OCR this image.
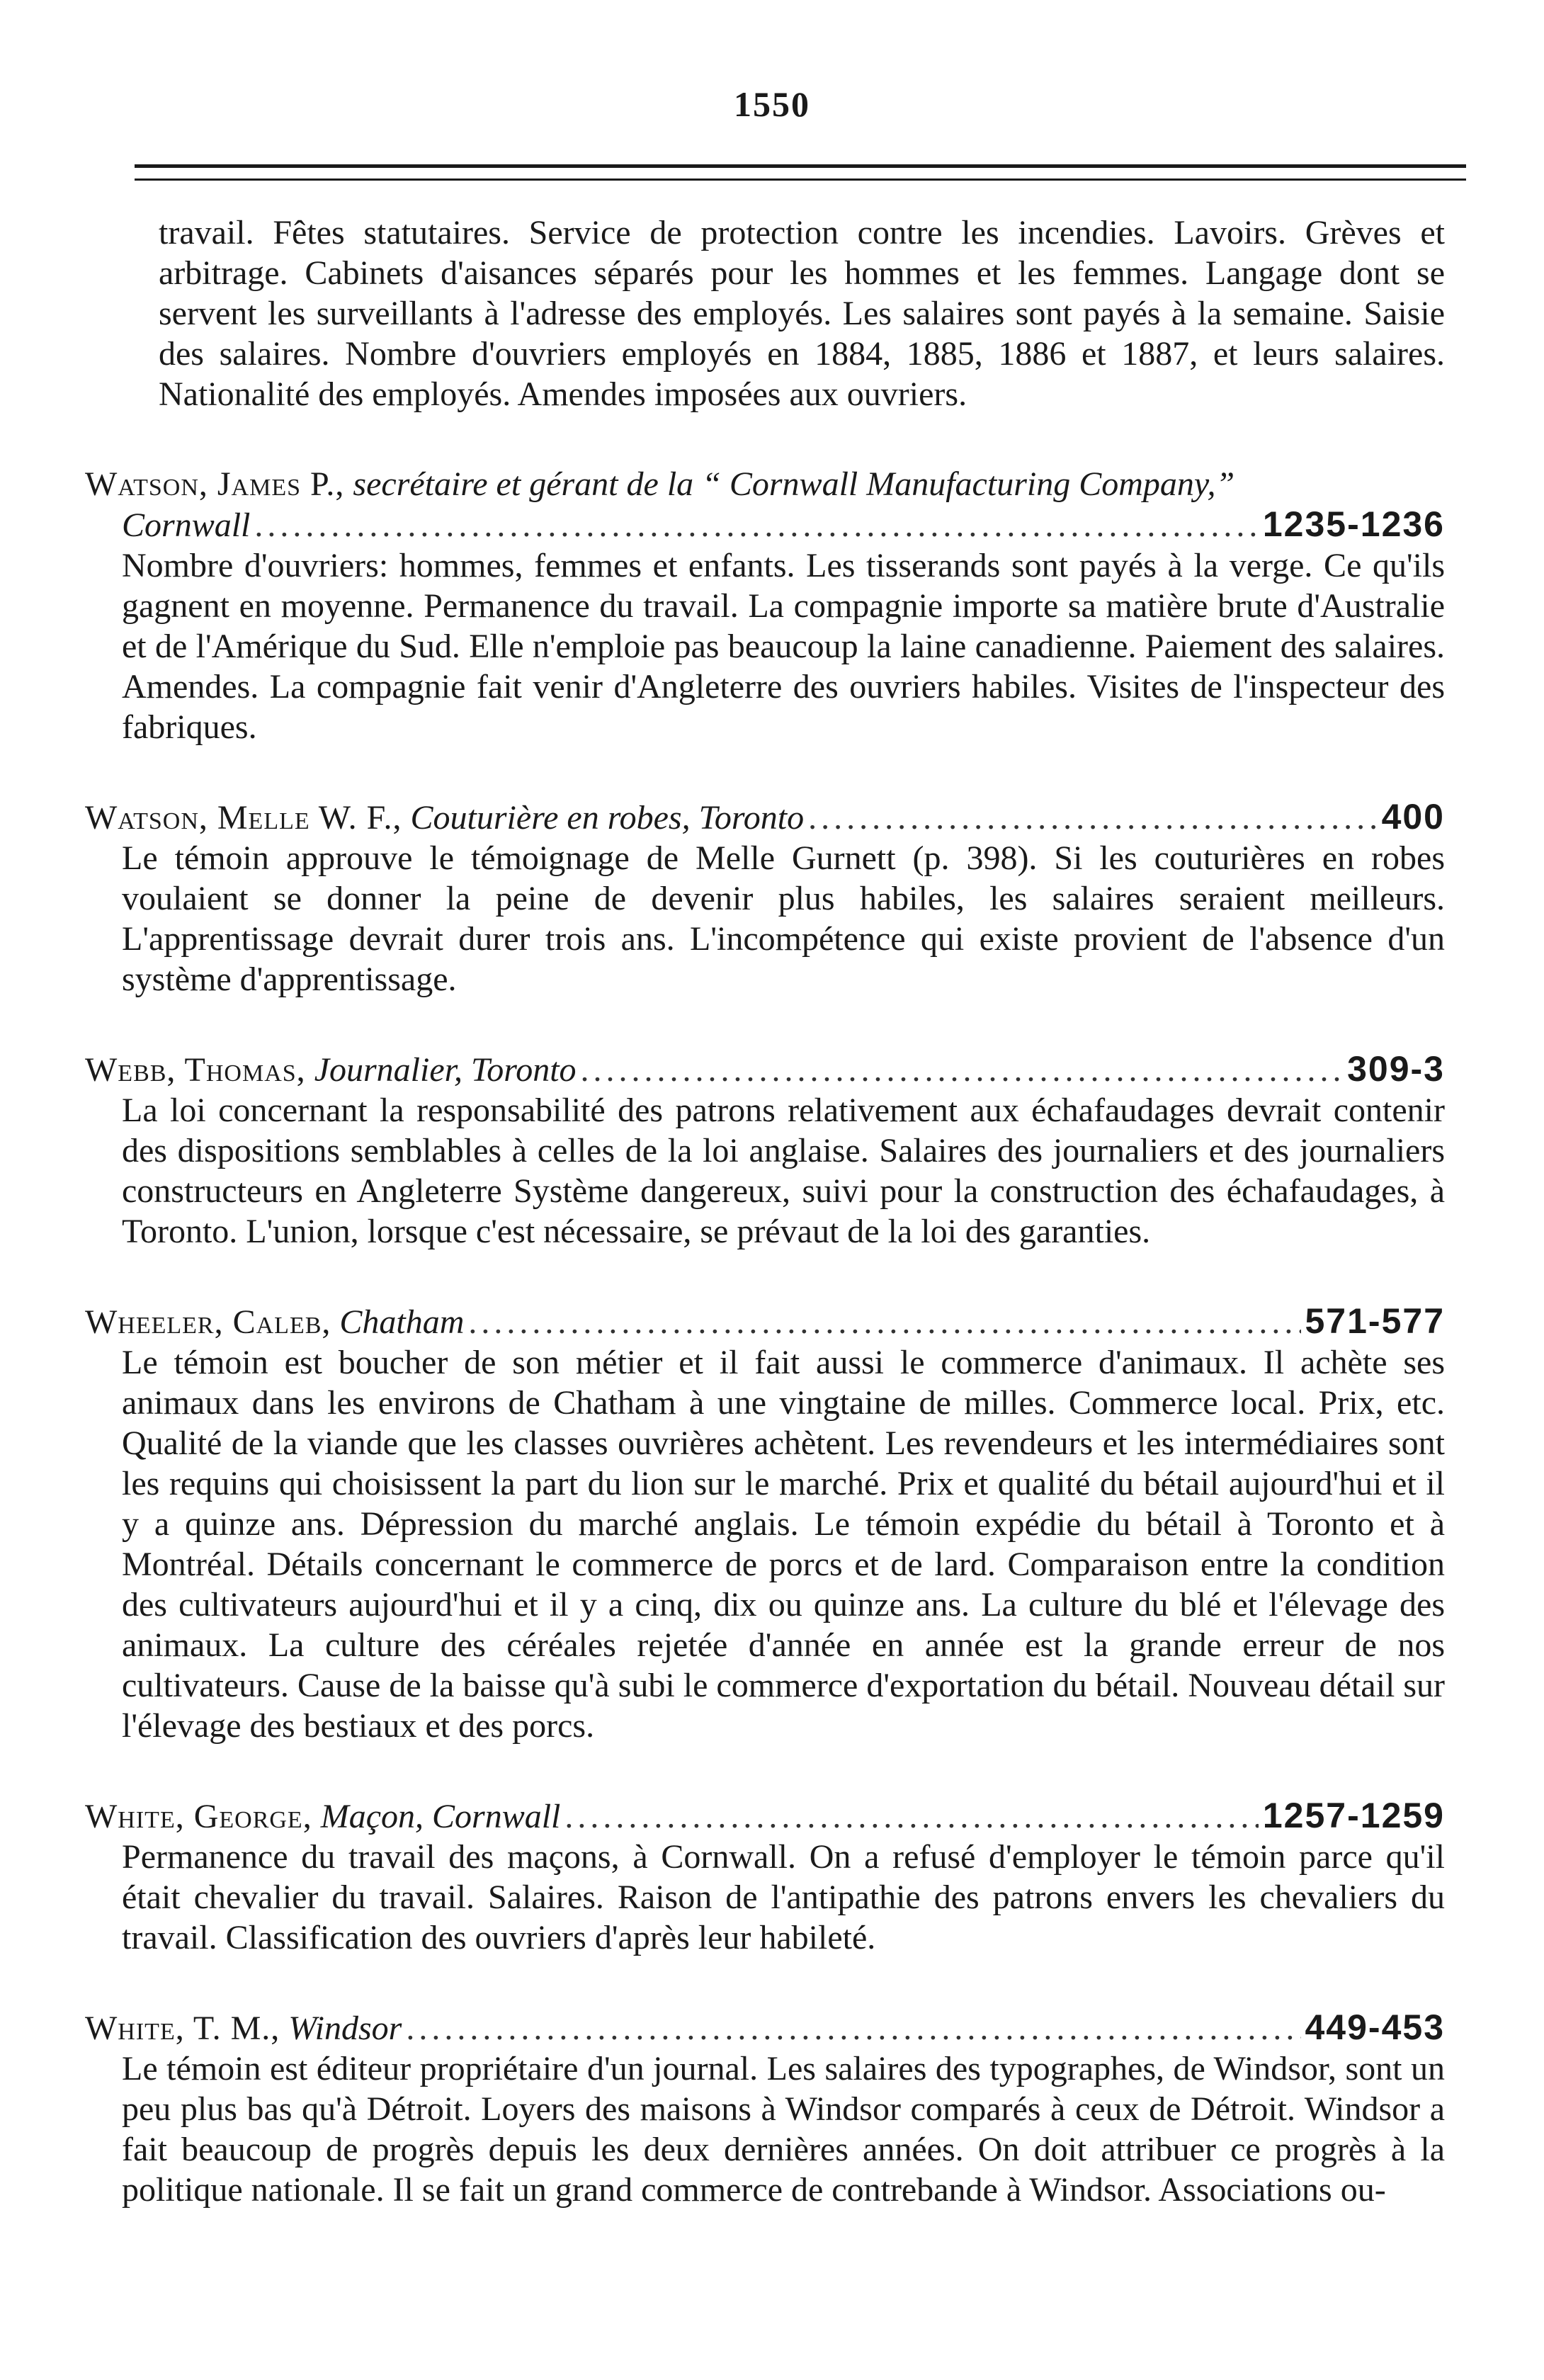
1550

travail. Fêtes statutaires. Service de protection contre les incendies. Lavoirs. Grèves et arbitrage. Cabinets d'aisances séparés pour les hommes et les femmes. Langage dont se servent les surveillants à l'adresse des employés. Les salaires sont payés à la semaine. Saisie des salaires. Nombre d'ouvriers employés en 1884, 1885, 1886 et 1887, et leurs salaires. Nationalité des employés. Amendes imposées aux ouvriers.

Watson, James P., secrétaire et gérant de la “ Cornwall Manufacturing Company,”
Cornwall .....	1235-1236

Nombre d'ouvriers: hommes, femmes et enfants. Les tisserands sont payés à la verge. Ce qu'ils gagnent en moyenne. Permanence du travail. La compagnie importe sa matière brute d'Australie et de l'Amérique du Sud. Elle n'emploie pas beaucoup la laine canadienne. Paiement des salaires. Amendes. La compagnie fait venir d'Angleterre des ouvriers habiles. Visites de l'inspecteur des fabriques.

Watson, Melle W. F.,
Couturière en robes, Toronto .....	400

Le témoin approuve le témoignage de Melle Gurnett (p. 398). Si les couturières en robes voulaient se donner la peine de devenir plus habiles, les salaires seraient meilleurs. L'apprentissage devrait durer trois ans. L'incompétence qui existe provient de l'absence d'un système d'apprentissage.

Webb, Thomas,
Journalier, Toronto .....	309-3

La loi concernant la responsabilité des patrons relativement aux échafaudages devrait contenir des dispositions semblables à celles de la loi anglaise. Salaires des journaliers et des journaliers constructeurs en Angleterre Système dangereux, suivi pour la construction des échafaudages, à Toronto. L'union, lorsque c'est nécessaire, se prévaut de la loi des garanties.

Wheeler, Caleb,
Chatham .....	571-577

Le témoin est boucher de son métier et il fait aussi le commerce d'animaux. Il achète ses animaux dans les environs de Chatham à une vingtaine de milles. Commerce local. Prix, etc. Qualité de la viande que les classes ouvrières achètent. Les revendeurs et les intermédiaires sont les requins qui choisissent la part du lion sur le marché. Prix et qualité du bétail aujourd'hui et il y a quinze ans. Dépression du marché anglais. Le témoin expédie du bétail à Toronto et à Montréal. Détails concernant le commerce de porcs et de lard. Comparaison entre la condition des cultivateurs aujourd'hui et il y a cinq, dix ou quinze ans. La culture du blé et l'élevage des animaux. La culture des céréales rejetée d'année en année est la grande erreur de nos cultivateurs. Cause de la baisse qu'à subi le commerce d'exportation du bétail. Nouveau détail sur l'élevage des bestiaux et des porcs.

White, George,
Maçon, Cornwall .....	1257-1259

Permanence du travail des maçons, à Cornwall. On a refusé d'employer le témoin parce qu'il était chevalier du travail. Salaires. Raison de l'antipathie des patrons envers les chevaliers du travail. Classification des ouvriers d'après leur habileté.

White, T. M.,
Windsor .....	449-453

Le témoin est éditeur propriétaire d'un journal. Les salaires des typographes, de Windsor, sont un peu plus bas qu'à Détroit. Loyers des maisons à Windsor comparés à ceux de Détroit. Windsor a fait beaucoup de progrès depuis les deux dernières années. On doit attribuer ce progrès à la politique nationale. Il se fait un grand commerce de contrebande à Windsor. Associations ou-
